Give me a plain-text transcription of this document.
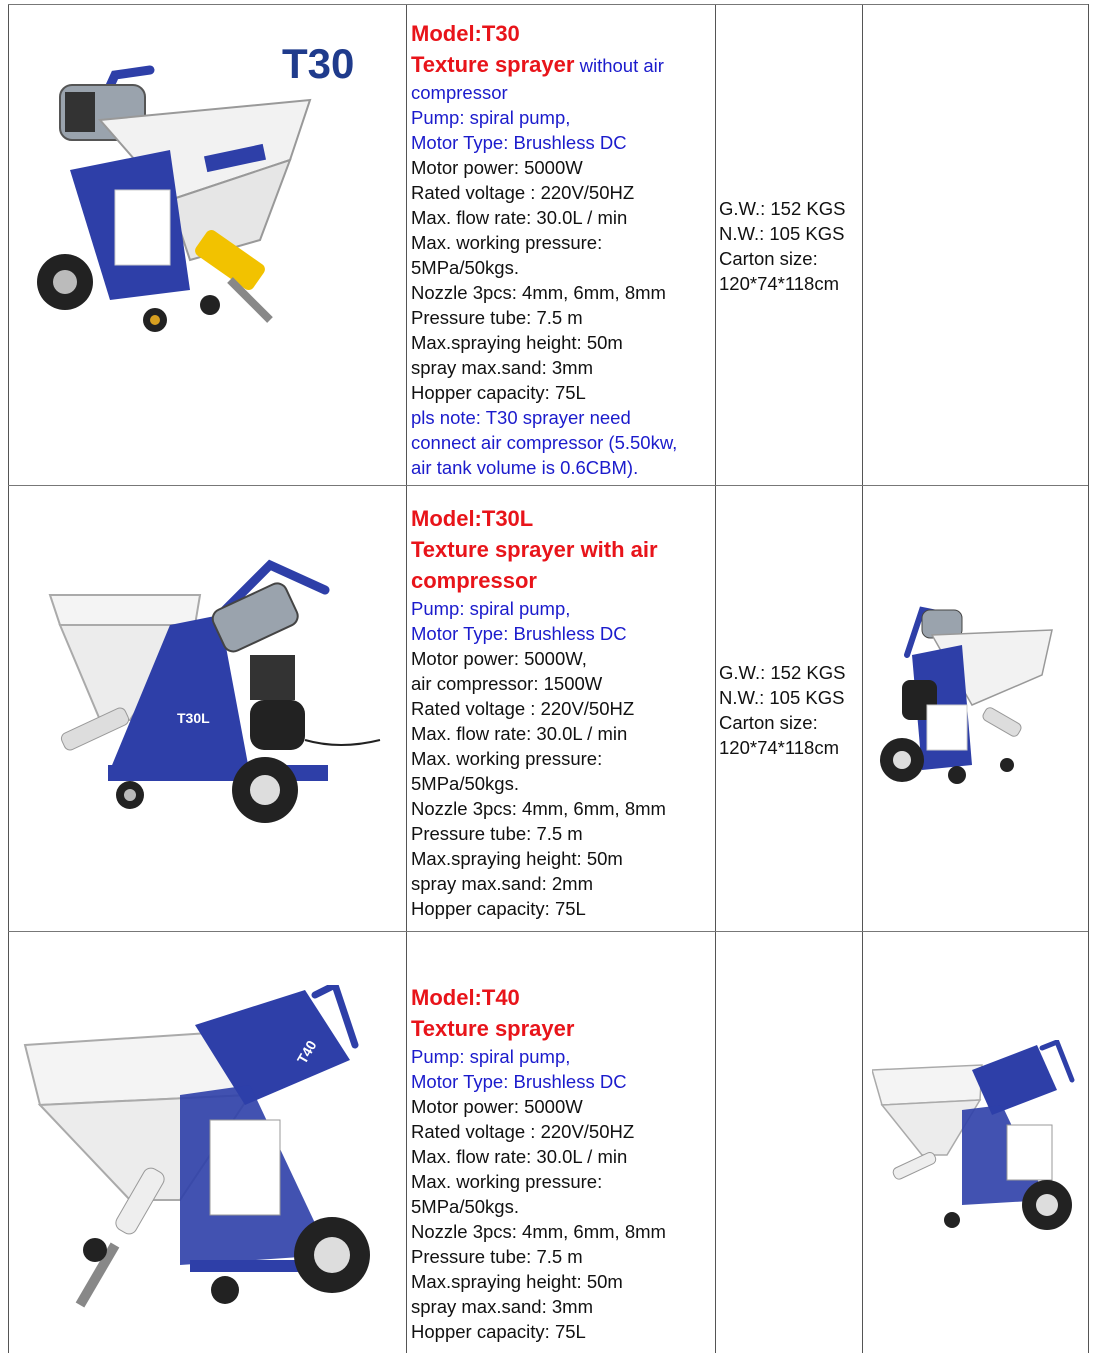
T30
Model:T30
Texture sprayer without air
compressor
Pump: spiral pump,
Motor Type: Brushless DC
Motor power: 5000W
Rated voltage : 220V/50HZ
Max. flow rate: 30.0L / min
Max. working pressure:
5MPa/50kgs.
Nozzle 3pcs: 4mm, 6mm, 8mm
Pressure tube: 7.5 m
Max.spraying height: 50m
spray max.sand: 3mm
Hopper capacity: 75L
pls note: T30 sprayer need
connect air compressor (5.50kw,
air tank volume is 0.6CBM).
G.W.: 152 KGS
N.W.: 105 KGS
Carton size:
120*74*118cm
T30L
Model:T30L
Texture sprayer with air
compressor
Pump: spiral pump,
Motor Type: Brushless DC
Motor power: 5000W,
air compressor: 1500W
Rated voltage : 220V/50HZ
Max. flow rate: 30.0L / min
Max. working pressure:
5MPa/50kgs.
Nozzle 3pcs: 4mm, 6mm, 8mm
Pressure tube: 7.5 m
Max.spraying height: 50m
spray max.sand: 2mm
Hopper capacity: 75L
G.W.: 152 KGS
N.W.: 105 KGS
Carton size:
120*74*118cm
T40
Model:T40
Texture sprayer
Pump: spiral pump,
Motor Type: Brushless DC
Motor power: 5000W
Rated voltage : 220V/50HZ
Max. flow rate: 30.0L / min
Max. working pressure:
5MPa/50kgs.
Nozzle 3pcs: 4mm, 6mm, 8mm
Pressure tube: 7.5 m
Max.spraying height: 50m
spray max.sand: 3mm
Hopper capacity: 75L
